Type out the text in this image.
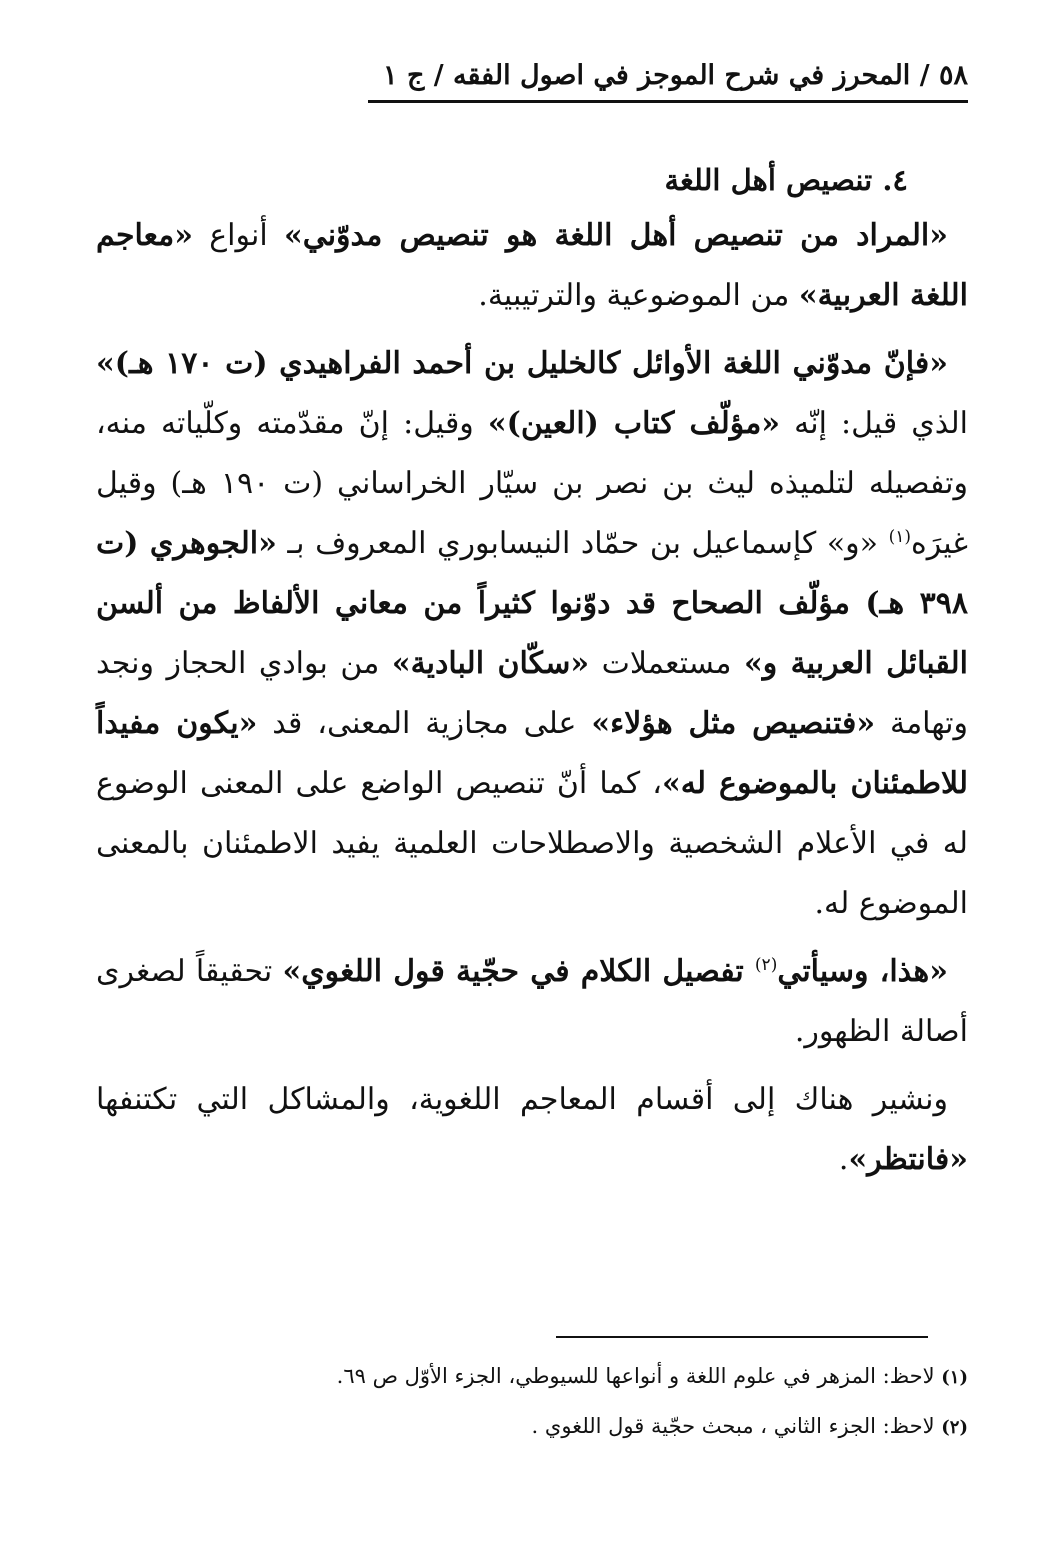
٥٨ / المحرز في شرح الموجز في اصول الفقه / ج ١
٤. تنصيص أهل اللغة

«المراد من تنصيص أهل اللغة هو تنصيص مدوّني» أنواع «معاجم اللغة العربية» من الموضوعية والترتيبية.

«فإنّ مدوّني اللغة الأوائل كالخليل بن أحمد الفراهيدي (ت ١٧٠ هـ)» الذي قيل: إنّه «مؤلّف كتاب (العين)» وقيل: إنّ مقدّمته وكلّياته منه، وتفصيله لتلميذه ليث بن نصر بن سيّار الخراساني (ت ١٩٠ هـ) وقيل غيرَه$^{(١)}$ «و» كإسماعيل بن حمّاد النيسابوري المعروف بـ «الجوهري (ت ٣٩٨ هـ) مؤلّف الصحاح قد دوّنوا كثيراً من معاني الألفاظ من ألسن القبائل العربية و» مستعملات «سكّان البادية» من بوادي الحجاز ونجد وتهامة «فتنصيص مثل هؤلاء» على مجازية المعنى، قد «يكون مفيداً للاطمئنان بالموضوع له»، كما أنّ تنصيص الواضع على المعنى الوضوع له في الأعلام الشخصية والاصطلاحات العلمية يفيد الاطمئنان بالمعنى الموضوع له.

«هذا، وسيأتي$^{(٢)}$ تفصيل الكلام في حجّية قول اللغوي» تحقيقاً لصغرى أصالة الظهور.

ونشير هناك إلى أقسام المعاجم اللغوية، والمشاكل التي تكتنفها «فانتظر».

(١) لاحظ: المزهر في علوم اللغة و أنواعها للسيوطي، الجزء الأوّل ص ٦٩.

(٢) لاحظ: الجزء الثاني ، مبحث حجّية قول اللغوي .
